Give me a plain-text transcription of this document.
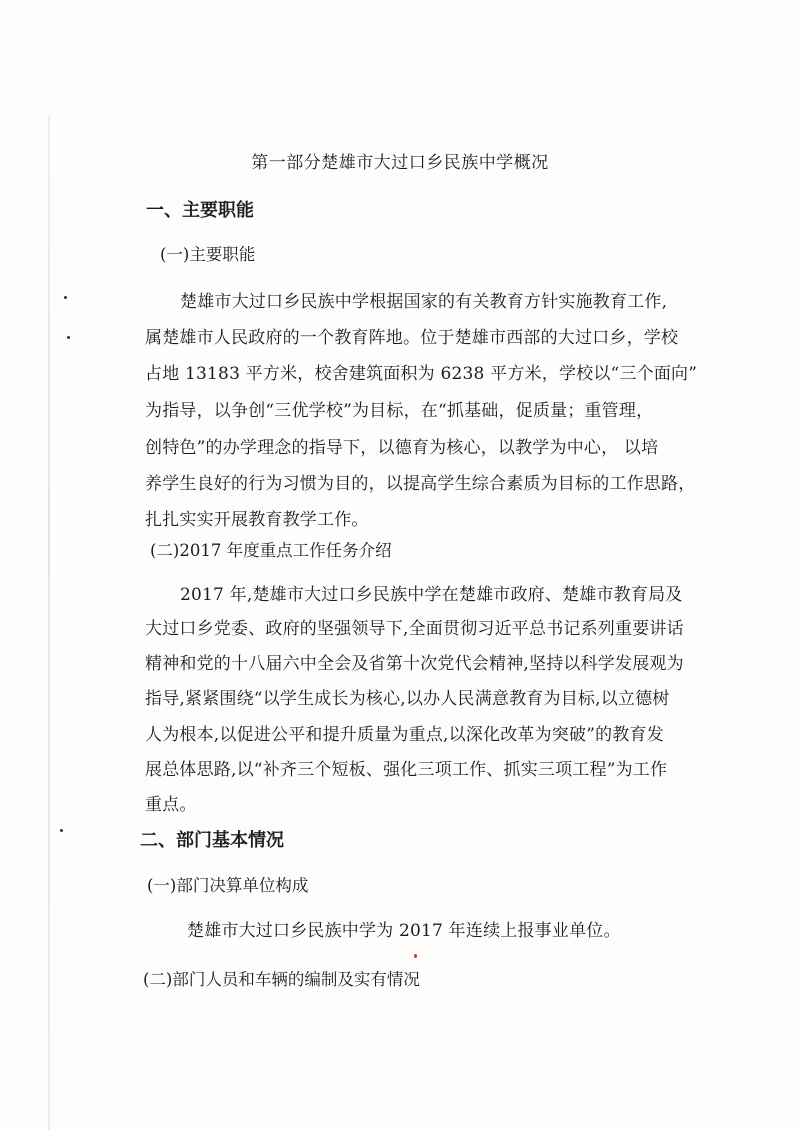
第一部分楚雄市大过口乡民族中学概况
一、主要职能
(一)主要职能
楚雄市大过口乡民族中学根据国家的有关教育方针实施教育工作,
属楚雄市人民政府的一个教育阵地。位于楚雄市西部的大过口乡，学校
占地 13183 平方米，校舍建筑面积为 6238 平方米，学校以“三个面向”
为指导，以争创“三优学校”为目标，在“抓基础，促质量；重管理，
创特色”的办学理念的指导下，以德育为核心，以教学为中心， 以培
养学生良好的行为习惯为目的，以提高学生综合素质为目标的工作思路，
扎扎实实开展教育教学工作。
(二)2017 年度重点工作任务介绍
2017 年,楚雄市大过口乡民族中学在楚雄市政府、楚雄市教育局及
大过口乡党委、政府的坚强领导下,全面贯彻习近平总书记系列重要讲话
精神和党的十八届六中全会及省第十次党代会精神,坚持以科学发展观为
指导,紧紧围绕“以学生成长为核心,以办人民满意教育为目标,以立德树
人为根本,以促进公平和提升质量为重点,以深化改革为突破”的教育发
展总体思路,以“补齐三个短板、强化三项工作、抓实三项工程”为工作
重点。
二、部门基本情况
(一)部门决算单位构成
楚雄市大过口乡民族中学为 2017 年连续上报事业单位。
(二)部门人员和车辆的编制及实有情况
